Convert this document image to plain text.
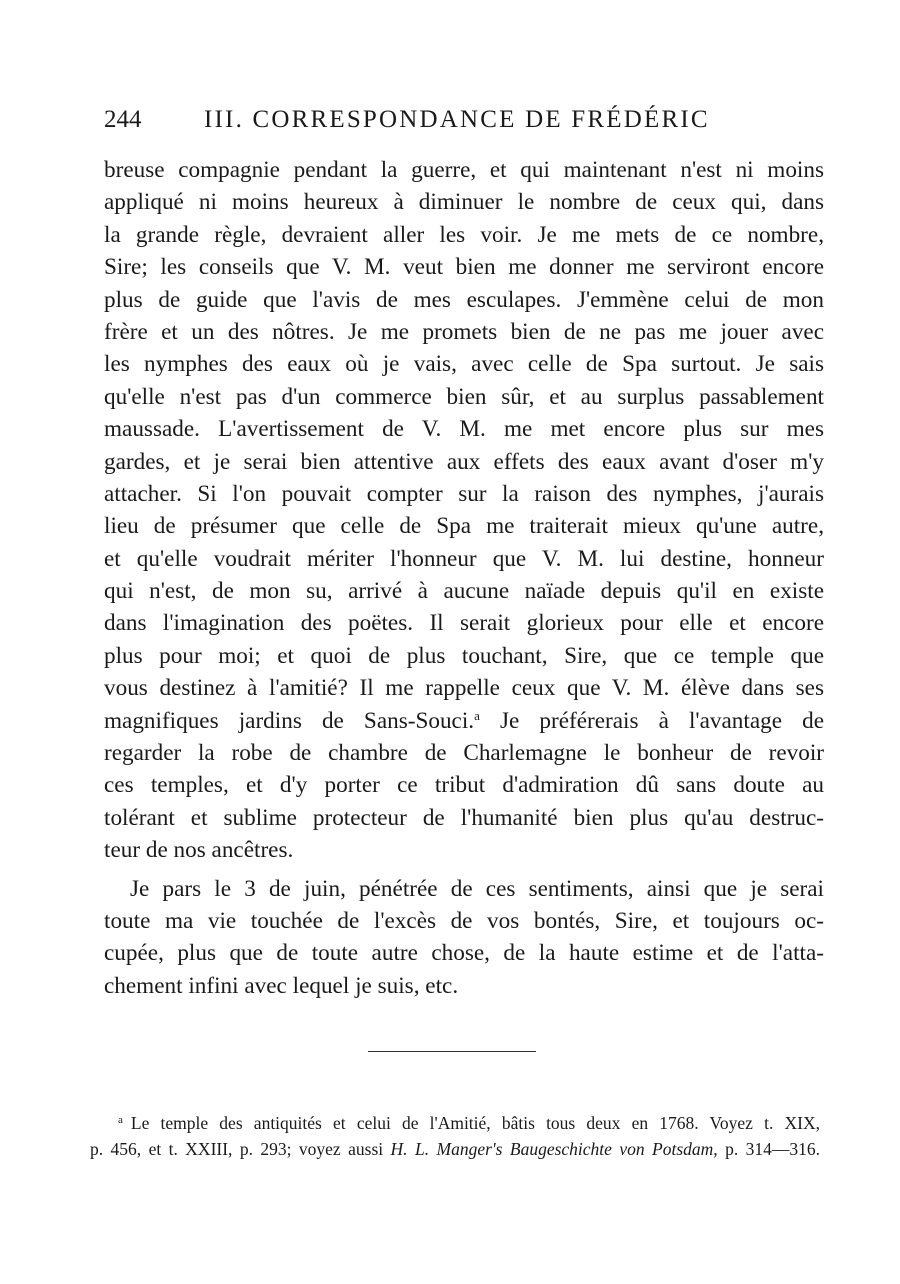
244	III. CORRESPONDANCE DE FRÉDÉRIC
breuse compagnie pendant la guerre, et qui maintenant n'est ni moins
appliqué ni moins heureux à diminuer le nombre de ceux qui, dans
la grande règle, devraient aller les voir. Je me mets de ce nombre,
Sire; les conseils que V. M. veut bien me donner me serviront encore
plus de guide que l'avis de mes esculapes. J'emmène celui de mon
frère et un des nôtres. Je me promets bien de ne pas me jouer avec
les nymphes des eaux où je vais, avec celle de Spa surtout. Je sais
qu'elle n'est pas d'un commerce bien sûr, et au surplus passablement
maussade. L'avertissement de V. M. me met encore plus sur mes
gardes, et je serai bien attentive aux effets des eaux avant d'oser m'y
attacher. Si l'on pouvait compter sur la raison des nymphes, j'aurais
lieu de présumer que celle de Spa me traiterait mieux qu'une autre,
et qu'elle voudrait mériter l'honneur que V. M. lui destine, honneur
qui n'est, de mon su, arrivé à aucune naïade depuis qu'il en existe
dans l'imagination des poëtes. Il serait glorieux pour elle et encore
plus pour moi; et quoi de plus touchant, Sire, que ce temple que
vous destinez à l'amitié? Il me rappelle ceux que V. M. élève dans ses
magnifiques jardins de Sans-Souci.$^a$ Je préférerais à l'avantage de
regarder la robe de chambre de Charlemagne le bonheur de revoir
ces temples, et d'y porter ce tribut d'admiration dû sans doute au
tolérant et sublime protecteur de l'humanité bien plus qu'au destruc-
teur de nos ancêtres.
Je pars le 3 de juin, pénétrée de ces sentiments, ainsi que je serai
toute ma vie touchée de l'excès de vos bontés, Sire, et toujours oc-
cupée, plus que de toute autre chose, de la haute estime et de l'atta-
chement infini avec lequel je suis, etc.
$^a$ Le temple des antiquités et celui de l'Amitié, bâtis tous deux en 1768. Voyez t. XIX,
p. 456, et t. XXIII, p. 293; voyez aussi H. L. Manger's Baugeschichte von Potsdam, p. 314—316.
